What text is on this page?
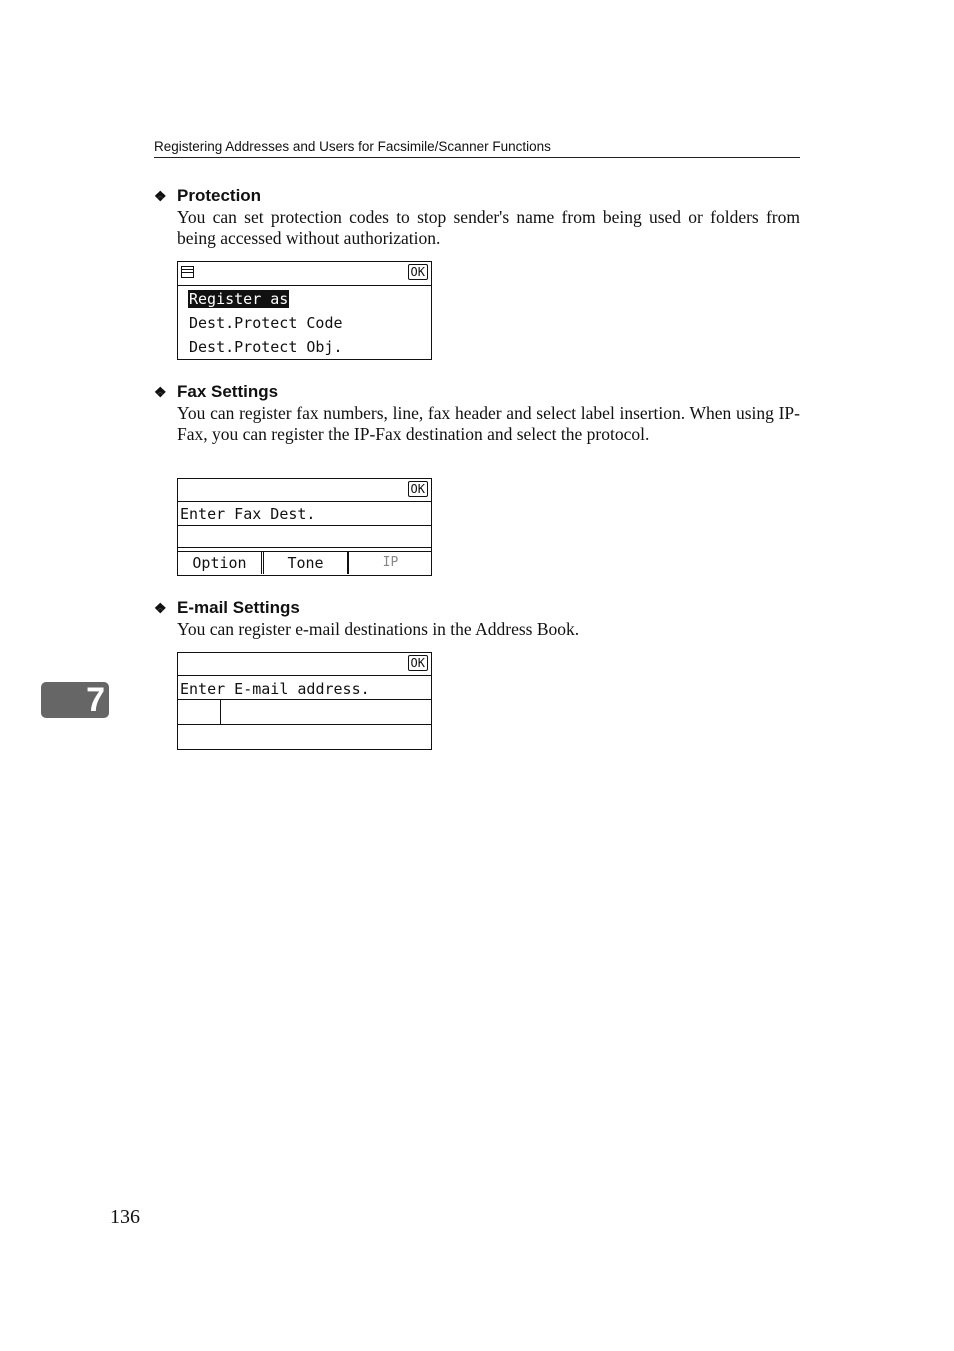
Registering Addresses and Users for Facsimile/Scanner Functions
❖ Protection
You can set protection codes to stop sender's name from being used or folders from being accessed without authorization.

OK

Register as
Dest.Protect Code
Dest.Protect Obj.
❖ Fax Settings
You can register fax numbers, line, fax header and select label insertion. When using IP-Fax, you can register the IP-Fax destination and select the protocol.

OK

Enter Fax Dest.

Option	Tone	IP
❖ E-mail Settings
You can register e-mail destinations in the Address Book.

OK

Enter E-mail address.

7
136
